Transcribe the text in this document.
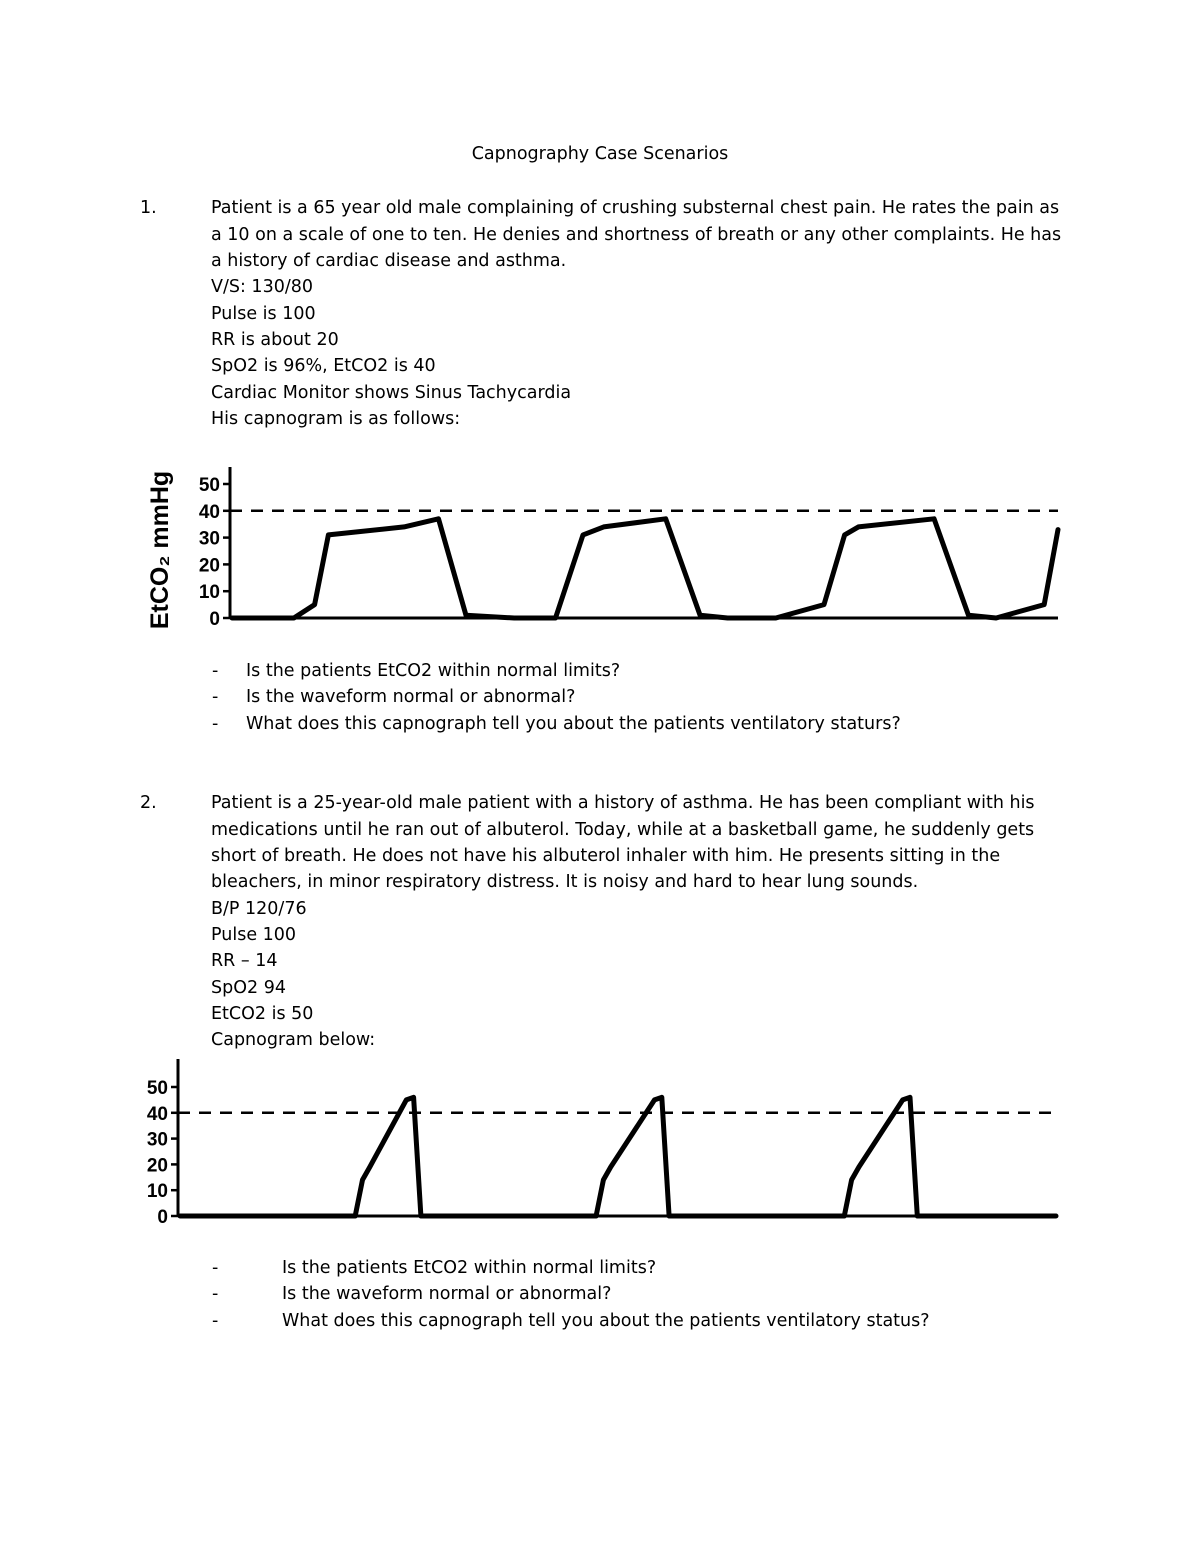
Capnography Case Scenarios
1.	Patient is a 65 year old male complaining of crushing substernal chest pain. He rates the pain as
a 10 on a scale of one to ten. He denies and shortness of breath or any other complaints. He has
a history of cardiac disease and asthma.
V/S: 130/80
Pulse is 100
RR is about 20
SpO2 is 96%, EtCO2 is 40
Cardiac Monitor shows Sinus Tachycardia
His capnogram is as follows:
0
10
20
30
40
50
EtCO₂ mmHg
- Is the patients EtCO2 within normal limits?
- Is the waveform normal or abnormal?
- What does this capnograph tell you about the patients ventilatory staturs?
2.	Patient is a 25-year-old male patient with a history of asthma. He has been compliant with his
medications until he ran out of albuterol. Today, while at a basketball game, he suddenly gets
short of breath. He does not have his albuterol inhaler with him. He presents sitting in the
bleachers, in minor respiratory distress. It is noisy and hard to hear lung sounds.
B/P 120/76
Pulse 100
RR – 14
SpO2 94
EtCO2 is 50
Capnogram below:
0
10
20
30
40
50
-	Is the patients EtCO2 within normal limits?
-	Is the waveform normal or abnormal?
-	What does this capnograph tell you about the patients ventilatory status?
